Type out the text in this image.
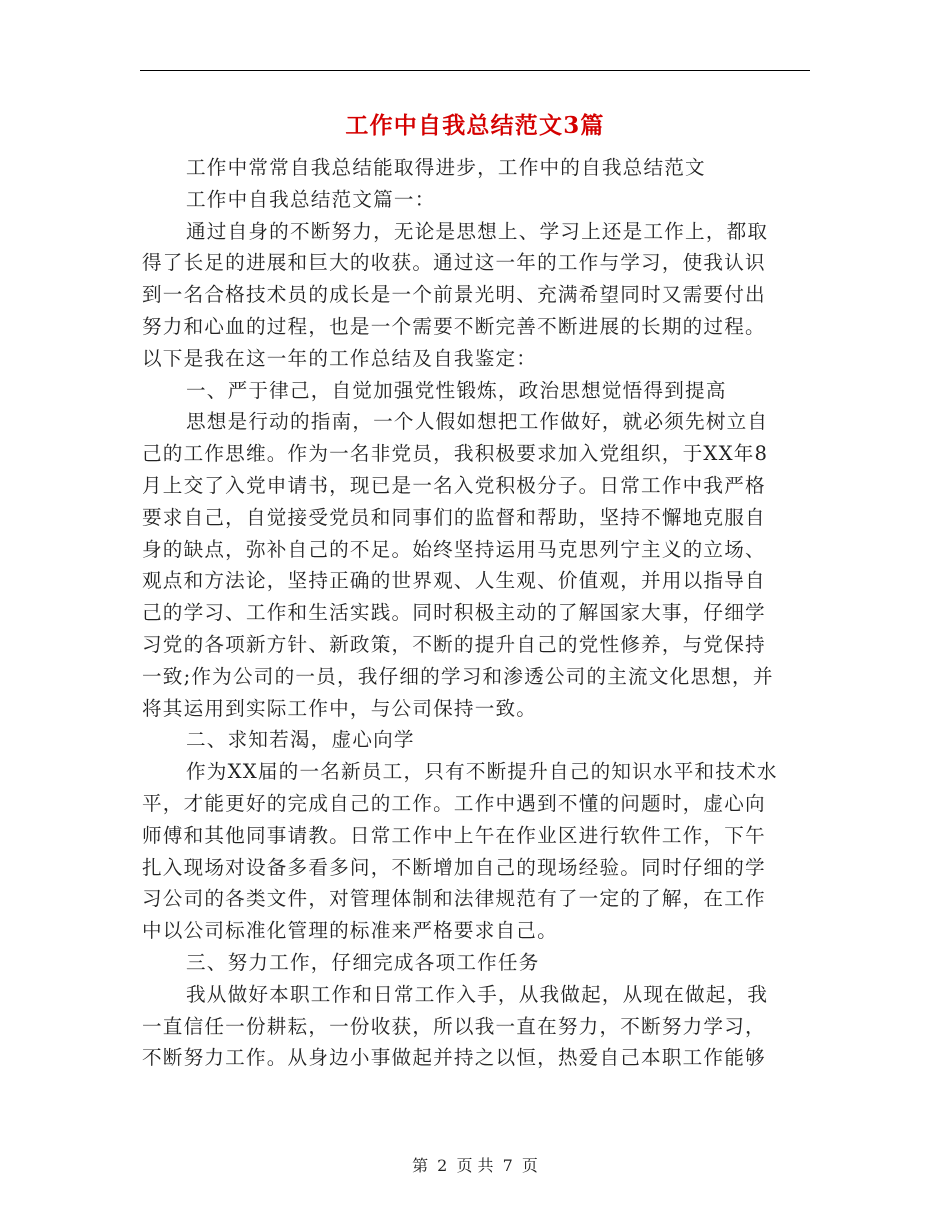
工作中自我总结范文3篇
工作中常常自我总结能取得进步，工作中的自我总结范文
工作中自我总结范文篇一：
通过自身的不断努力，无论是思想上、学习上还是工作上，都取
得了长足的进展和巨大的收获。通过这一年的工作与学习，使我认识
到一名合格技术员的成长是一个前景光明、充满希望同时又需要付出
努力和心血的过程，也是一个需要不断完善不断进展的长期的过程。
以下是我在这一年的工作总结及自我鉴定：
一、严于律己，自觉加强党性锻炼，政治思想觉悟得到提高
思想是行动的指南，一个人假如想把工作做好，就必须先树立自
己的工作思维。作为一名非党员，我积极要求加入党组织，于XX年8
月上交了入党申请书，现已是一名入党积极分子。日常工作中我严格
要求自己，自觉接受党员和同事们的监督和帮助，坚持不懈地克服自
身的缺点，弥补自己的不足。始终坚持运用马克思列宁主义的立场、
观点和方法论，坚持正确的世界观、人生观、价值观，并用以指导自
己的学习、工作和生活实践。同时积极主动的了解国家大事，仔细学
习党的各项新方针、新政策，不断的提升自己的党性修养，与党保持
一致;作为公司的一员，我仔细的学习和渗透公司的主流文化思想，并
将其运用到实际工作中，与公司保持一致。
二、求知若渴，虚心向学
作为XX届的一名新员工，只有不断提升自己的知识水平和技术水
平，才能更好的完成自己的工作。工作中遇到不懂的问题时，虚心向
师傅和其他同事请教。日常工作中上午在作业区进行软件工作，下午
扎入现场对设备多看多问，不断增加自己的现场经验。同时仔细的学
习公司的各类文件，对管理体制和法律规范有了一定的了解，在工作
中以公司标准化管理的标准来严格要求自己。
三、努力工作，仔细完成各项工作任务
我从做好本职工作和日常工作入手，从我做起，从现在做起，我
一直信任一份耕耘，一份收获，所以我一直在努力，不断努力学习，
不断努力工作。从身边小事做起并持之以恒，热爱自己本职工作能够
第 2 页 共 7 页
